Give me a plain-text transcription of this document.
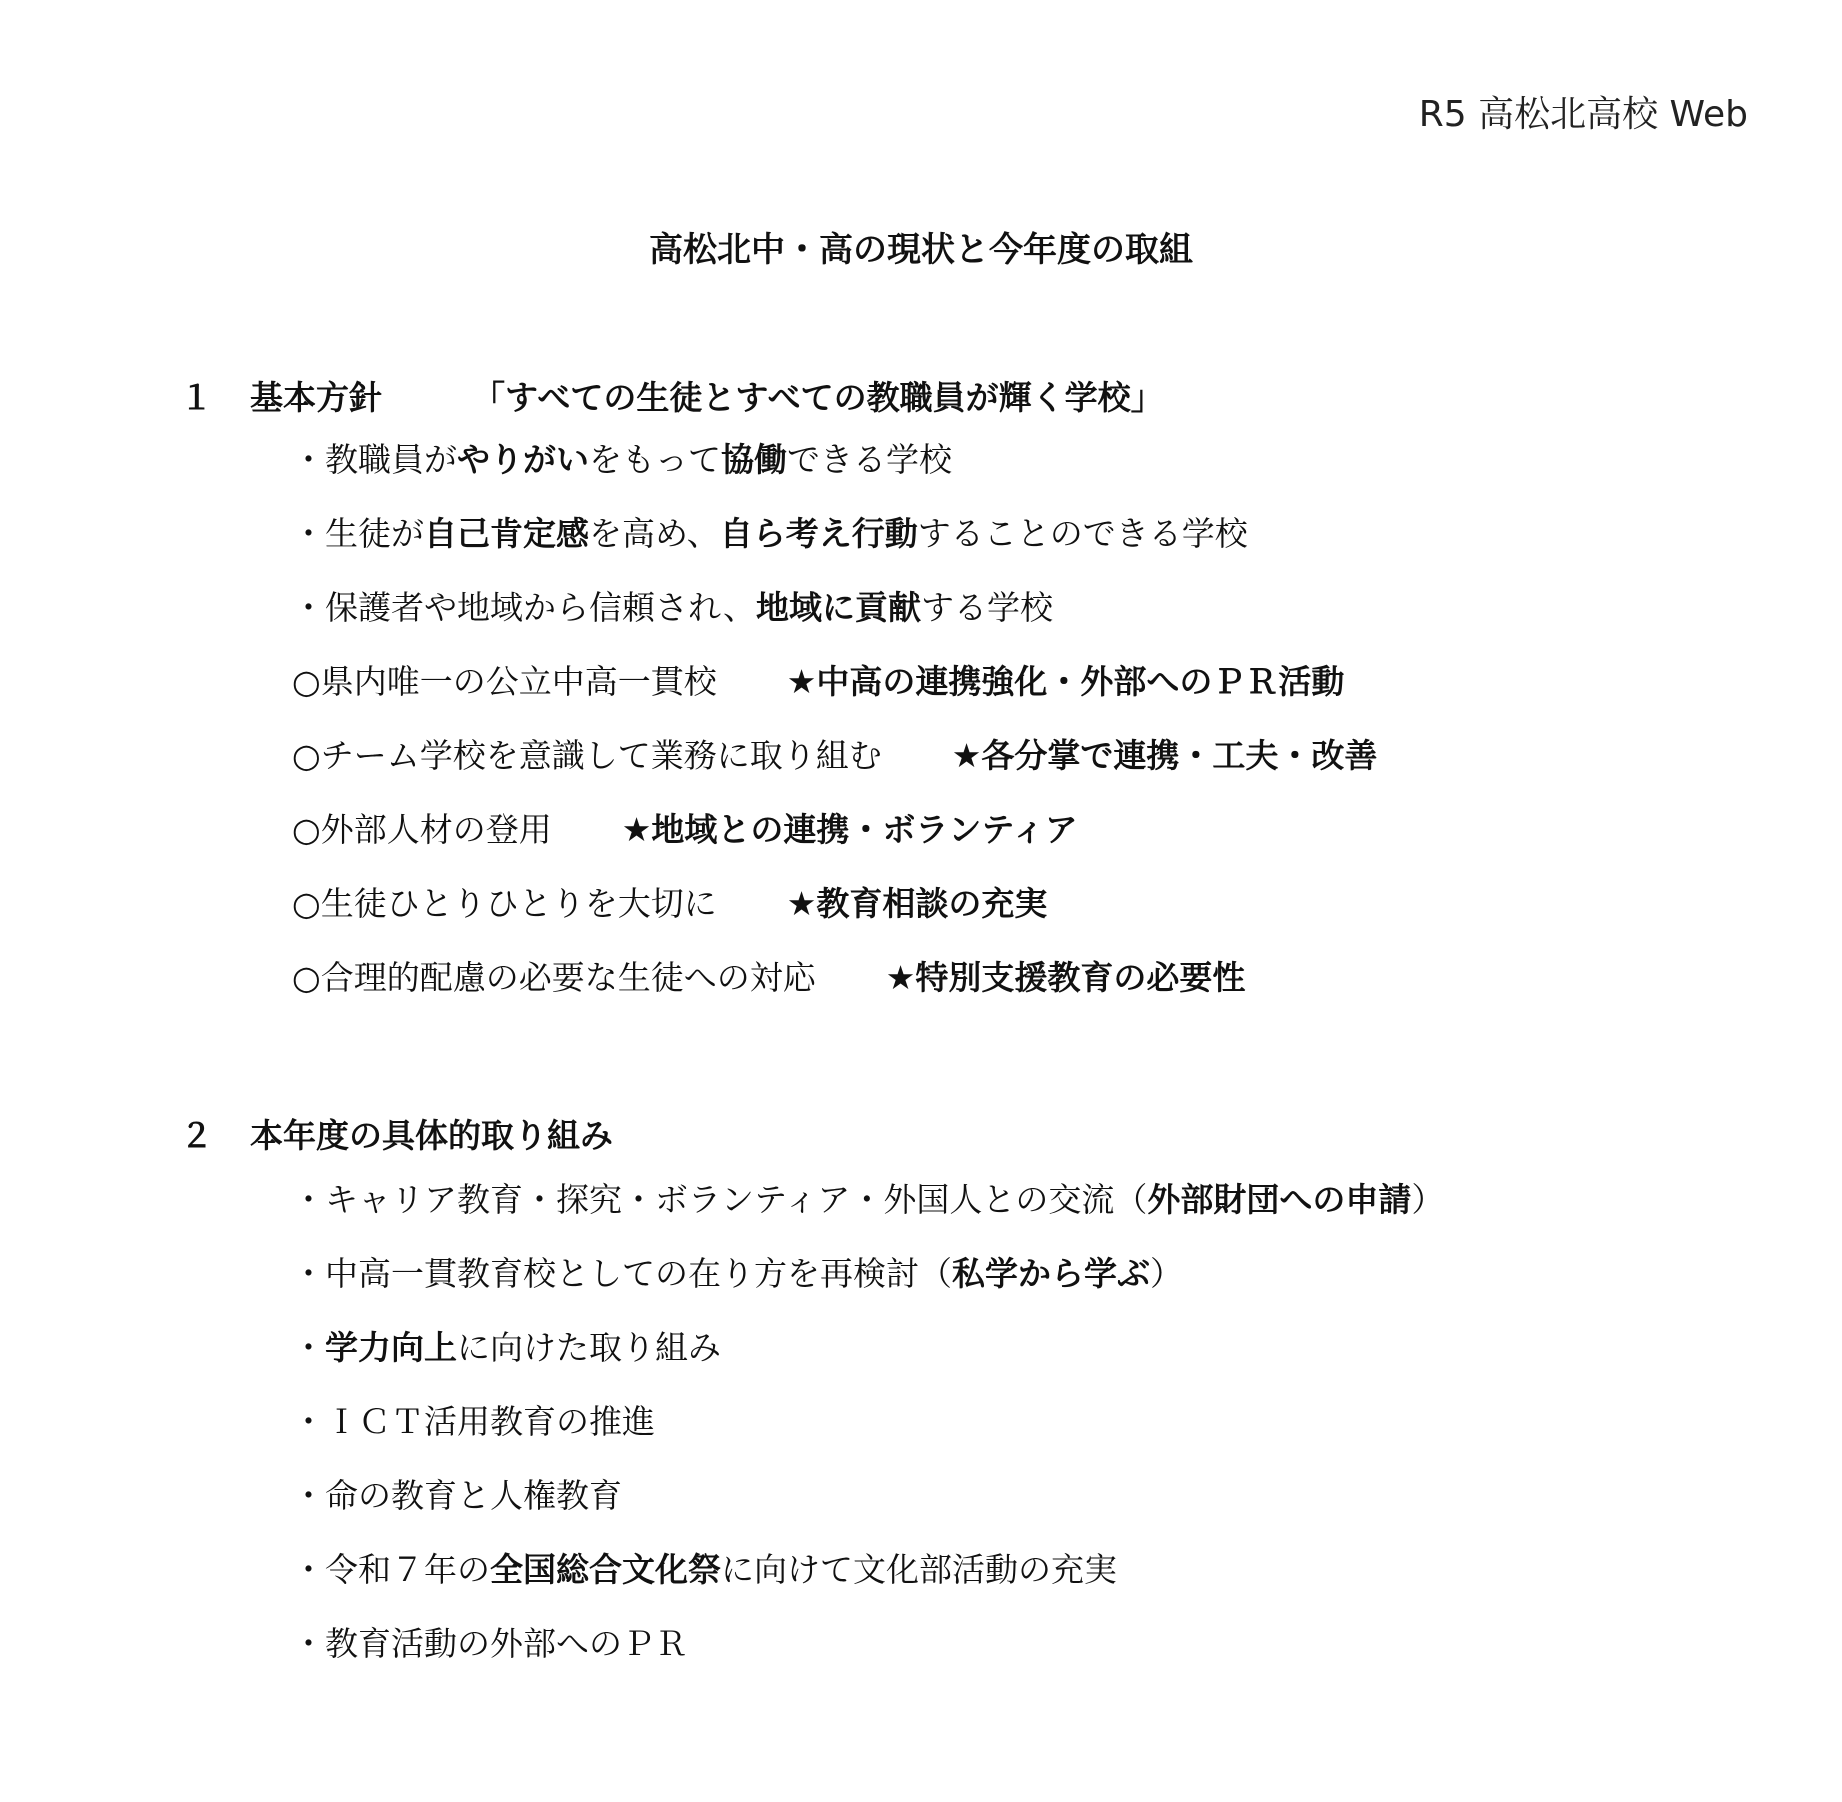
R5 高松北高校 Web
高松北中・高の現状と今年度の取組
１ 基本方針	「すべての生徒とすべての教職員が輝く学校」
・教職員がやりがいをもって協働できる学校
・生徒が自己肯定感を高め、自ら考え行動することのできる学校
・保護者や地域から信頼され、地域に貢献する学校
○県内唯一の公立中高一貫校 ★中高の連携強化・外部へのＰＲ活動
○チーム学校を意識して業務に取り組む ★各分掌で連携・工夫・改善
○外部人材の登用 ★地域との連携・ボランティア
○生徒ひとりひとりを大切に ★教育相談の充実
○合理的配慮の必要な生徒への対応 ★特別支援教育の必要性
２ 本年度の具体的取り組み
・キャリア教育・探究・ボランティア・外国人との交流（外部財団への申請）
・中高一貫教育校としての在り方を再検討（私学から学ぶ）
・学力向上に向けた取り組み
・ＩＣＴ活用教育の推進
・命の教育と人権教育
・令和７年の全国総合文化祭に向けて文化部活動の充実
・教育活動の外部へのＰＲ
